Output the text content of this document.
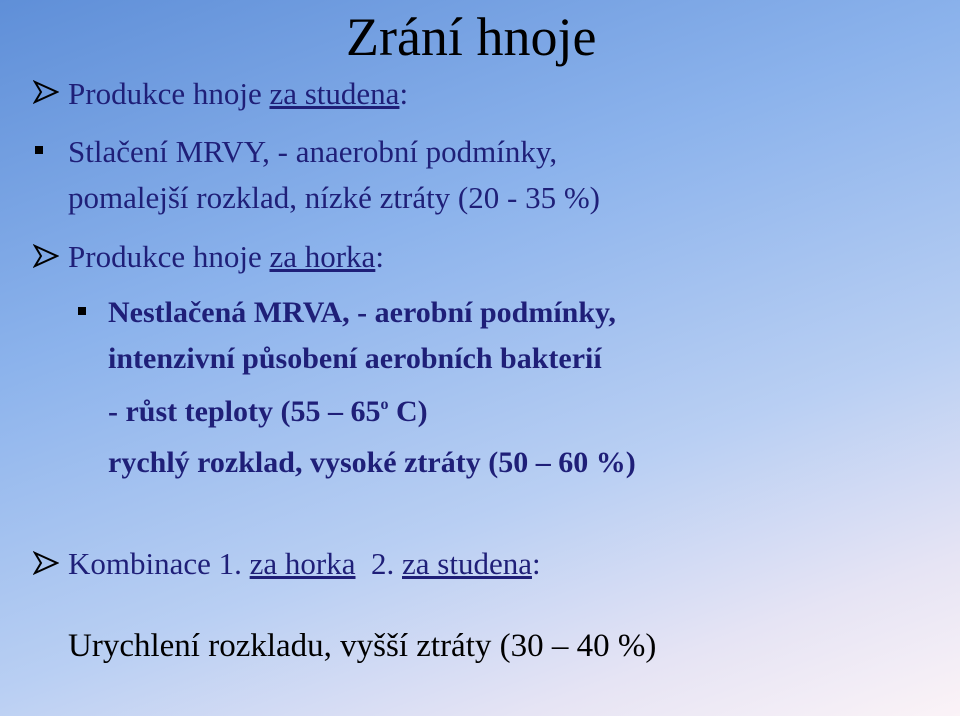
Zrání hnoje
Produkce hnoje za studena:
Stlačení MRVY, - anaerobní podmínky,
pomalejší rozklad, nízké ztráty (20 - 35 %)
Produkce hnoje za horka:
Nestlačená MRVA, - aerobní podmínky,
intenzivní působení aerobních bakterií
- růst teploty (55 – 65$^o$ C)
rychlý rozklad, vysoké ztráty (50 – 60 %)
Kombinace 1. za horka  2. za studena:
Urychlení rozkladu, vyšší ztráty (30 – 40 %)
